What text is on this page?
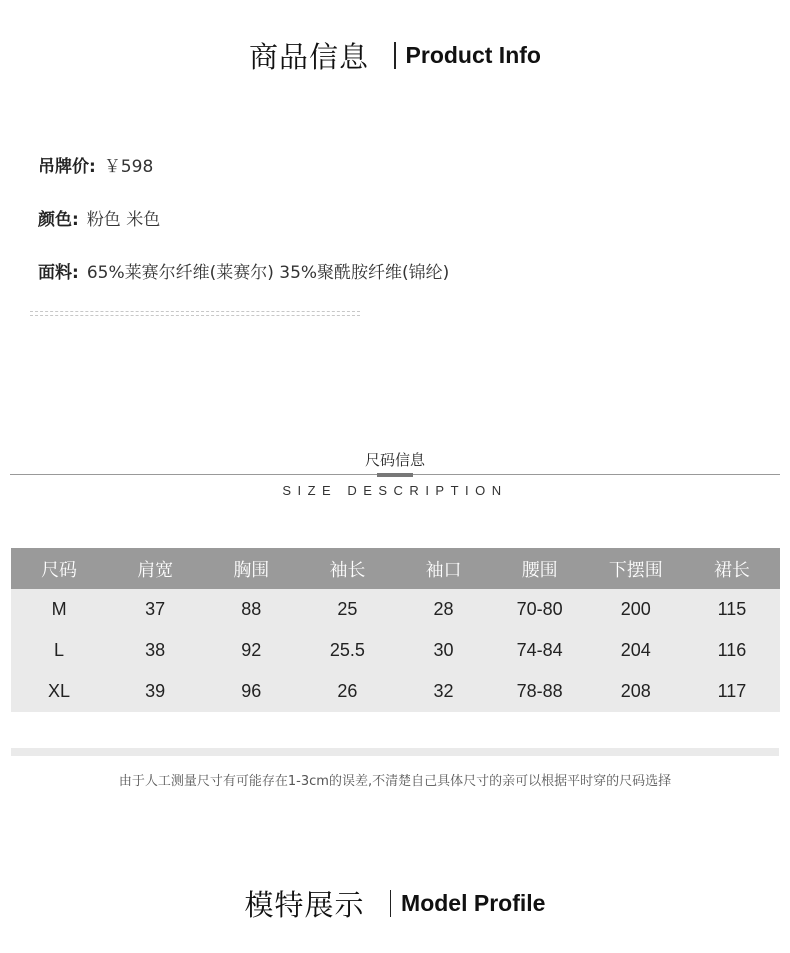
商品信息 Product Info
吊牌价: ￥598
颜色: 粉色 米色
面料: 65%莱赛尔纤维(莱赛尔) 35%聚酰胺纤维(锦纶)
尺码信息
SIZE DESCRIPTION
尺码	肩宽	胸围	袖长	袖口	腰围	下摆围	裙长
M	37	88	25	28	70-80	200	115
L	38	92	25.5	30	74-84	204	116
XL	39	96	26	32	78-88	208	117
由于人工测量尺寸有可能存在1-3cm的误差,不清楚自己具体尺寸的亲可以根据平时穿的尺码选择
模特展示 Model Profile
